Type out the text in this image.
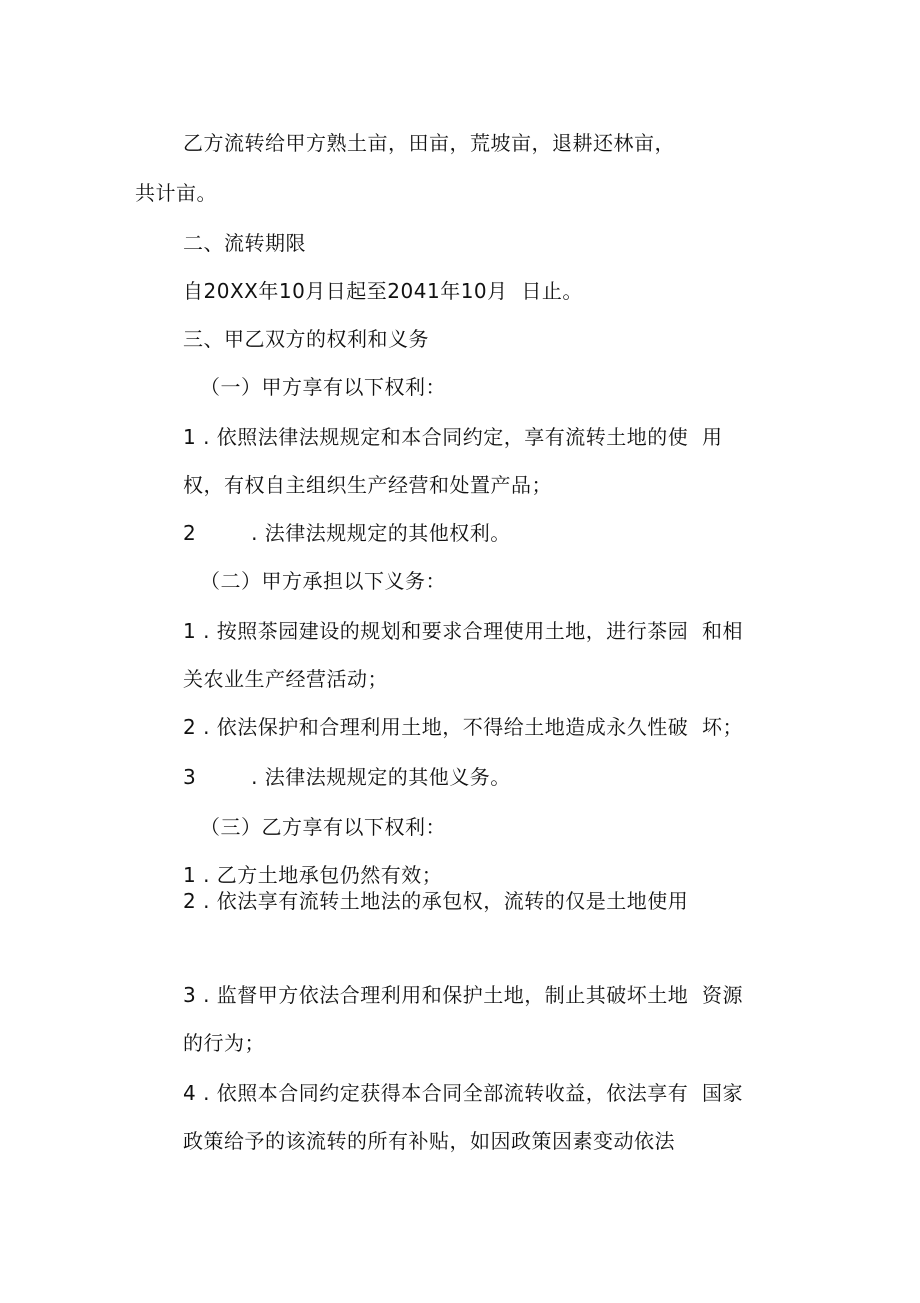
乙方流转给甲方熟土亩，田亩，荒坡亩，退耕还林亩，
共计亩。
二、流转期限
自20XX年10月日起至2041年10月  日止。
三、甲乙双方的权利和义务
（一）甲方享有以下权利：
1 . 依照法律法规规定和本合同约定，享有流转土地的使  用
权，有权自主组织生产经营和处置产品；
2        . 法律法规规定的其他权利。
（二）甲方承担以下义务：
1 . 按照茶园建设的规划和要求合理使用土地，进行茶园  和相
关农业生产经营活动；
2 . 依法保护和合理利用土地，不得给土地造成永久性破  坏；
3        . 法律法规规定的其他义务。
（三）乙方享有以下权利：
1 . 乙方土地承包仍然有效；
2 . 依法享有流转土地法的承包权，流转的仅是土地使用
3 . 监督甲方依法合理利用和保护土地，制止其破坏土地  资源
的行为；
4 . 依照本合同约定获得本合同全部流转收益，依法享有  国家
政策给予的该流转的所有补贴，如因政策因素变动依法
